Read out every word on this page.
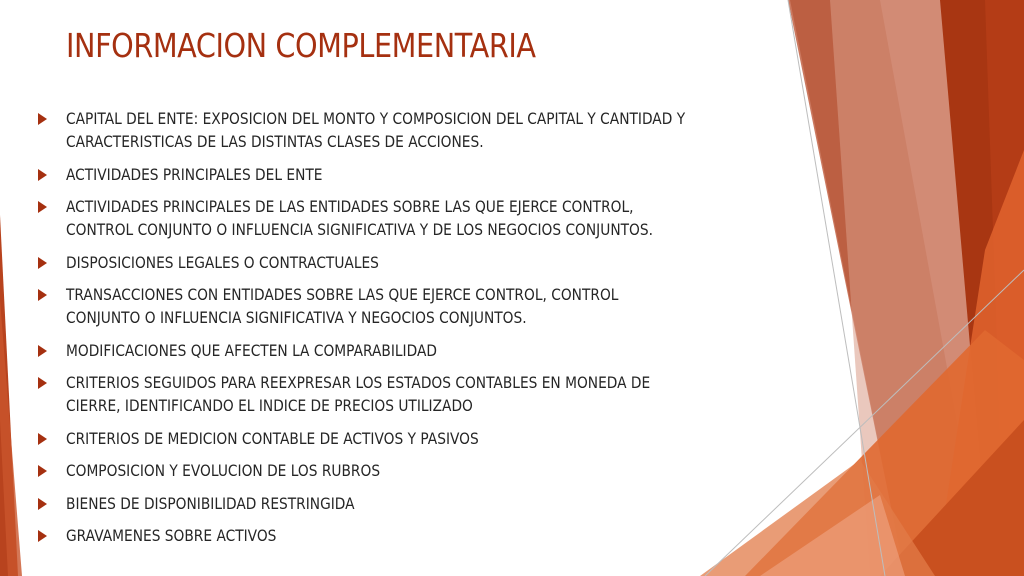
INFORMACION COMPLEMENTARIA
CAPITAL DEL ENTE: EXPOSICION DEL MONTO Y COMPOSICION DEL CAPITAL Y CANTIDAD Y
CARACTERISTICAS DE LAS DISTINTAS CLASES DE ACCIONES.
ACTIVIDADES PRINCIPALES DEL ENTE
ACTIVIDADES PRINCIPALES DE LAS ENTIDADES SOBRE LAS QUE EJERCE CONTROL,
CONTROL CONJUNTO O INFLUENCIA SIGNIFICATIVA Y DE LOS NEGOCIOS CONJUNTOS.
DISPOSICIONES LEGALES O CONTRACTUALES
TRANSACCIONES CON ENTIDADES SOBRE LAS QUE EJERCE CONTROL, CONTROL
CONJUNTO O INFLUENCIA SIGNIFICATIVA Y NEGOCIOS CONJUNTOS.
MODIFICACIONES QUE AFECTEN LA COMPARABILIDAD
CRITERIOS SEGUIDOS PARA REEXPRESAR LOS ESTADOS CONTABLES EN MONEDA DE
CIERRE, IDENTIFICANDO EL INDICE DE PRECIOS UTILIZADO
CRITERIOS DE MEDICION CONTABLE DE ACTIVOS Y PASIVOS
COMPOSICION Y EVOLUCION DE LOS RUBROS
BIENES DE DISPONIBILIDAD RESTRINGIDA
GRAVAMENES SOBRE ACTIVOS
